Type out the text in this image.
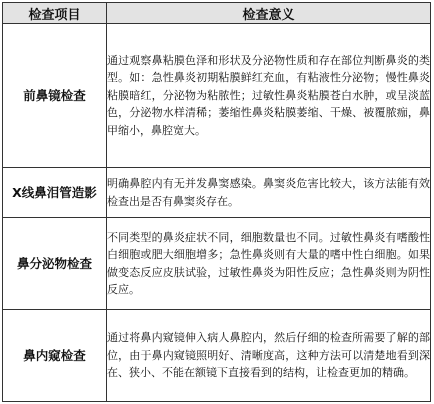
检查项目	检查意义
前鼻镜检查	通过观察鼻粘膜色泽和形状及分泌物性质和存在部位判断鼻炎的类型。如：急性鼻炎初期粘膜鲜红充血，有粘液性分泌物；慢性鼻炎粘膜暗红，分泌物为粘脓性；过敏性鼻炎粘膜苍白水肿，或呈淡蓝色，分泌物水样清稀；萎缩性鼻炎粘膜萎缩、干燥、被覆脓痂，鼻甲缩小，鼻腔宽大。
X线鼻泪管造影	明确鼻腔内有无并发鼻窦感染。鼻窦炎危害比较大，该方法能有效检查出是否有鼻窦炎存在。
鼻分泌物检查	不同类型的鼻炎症状不同，细胞数量也不同。过敏性鼻炎有嗜酸性白细胞或肥大细胞增多；急性鼻炎则有大量的嗜中性白细胞。如果做变态反应皮肤试验，过敏性鼻炎为阳性反应；急性鼻炎则为阴性反应。
鼻内窥检查	通过将鼻内窥镜伸入病人鼻腔内，然后仔细的检查所需要了解的部位，由于鼻内窥镜照明好、清晰度高，这种方法可以清楚地看到深在、狭小、不能在额镜下直接看到的结构，让检查更加的精确。
